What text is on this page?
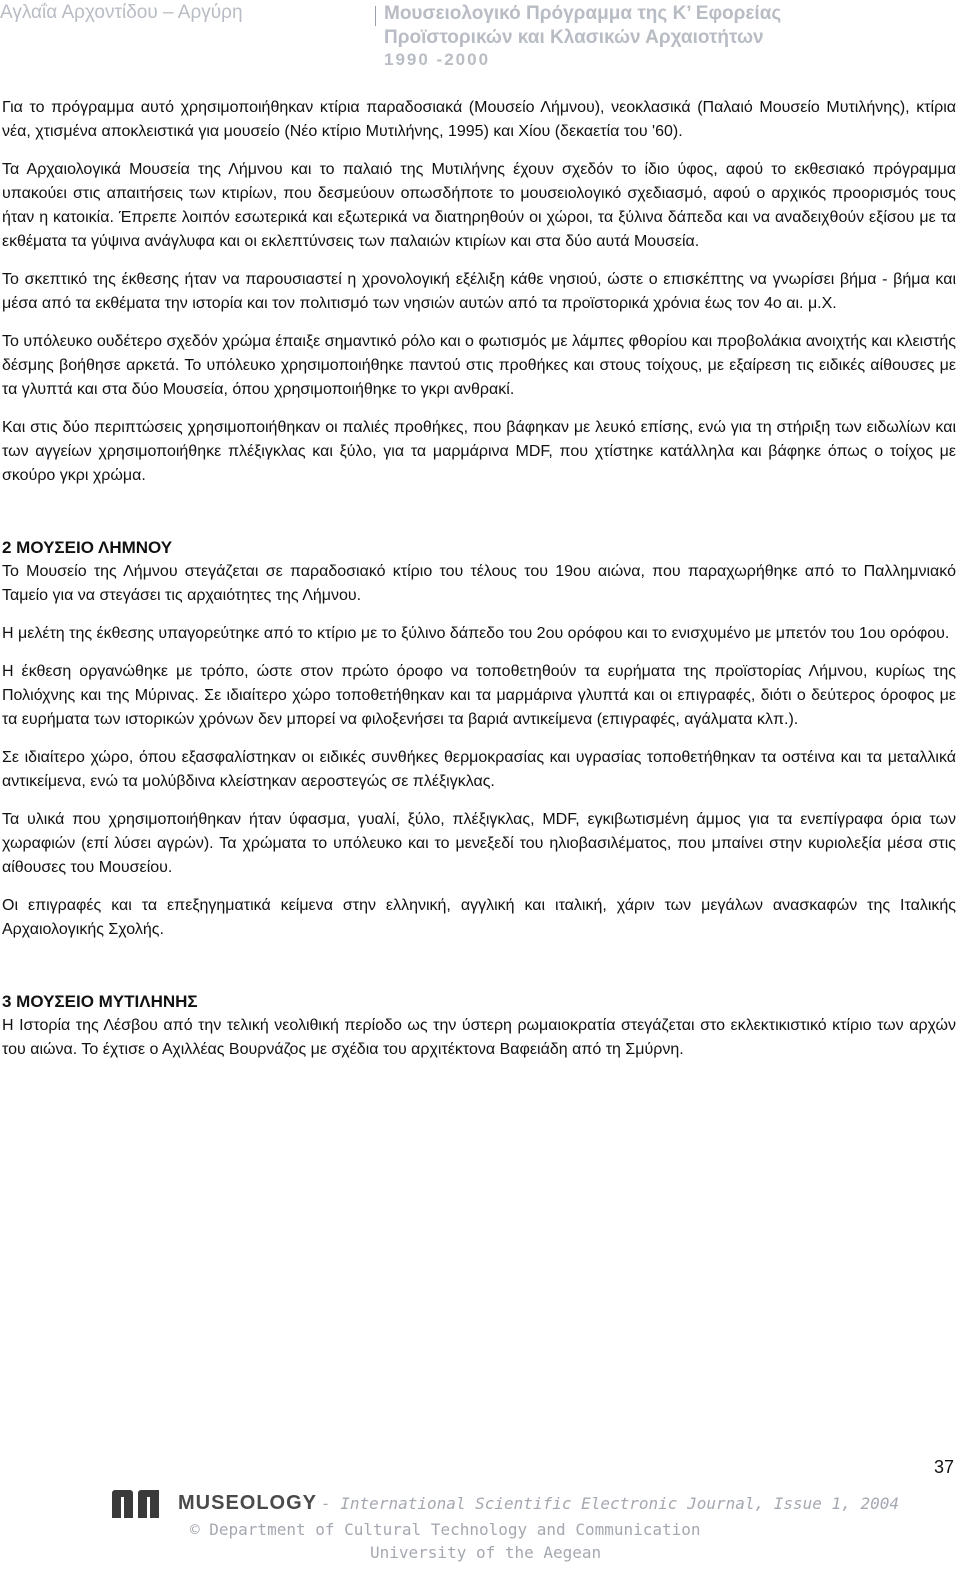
Αγλαΐα Αρχοντίδου – Αργύρη	Μουσειολογικό Πρόγραμμα της Κ’ Εφορείας
Προϊστορικών και Κλασικών Αρχαιοτήτων
1990 -2000

Για το πρόγραμμα αυτό χρησιμοποιήθηκαν κτίρια παραδοσιακά (Μουσείο Λήμνου), νεοκλασικά (Παλαιό Μουσείο Μυτιλήνης), κτίρια νέα, χτισμένα αποκλειστικά για μουσείο (Νέο κτίριο Μυτιλήνης, 1995) και Χίου (δεκαετία του '60).

Τα Αρχαιολογικά Μουσεία της Λήμνου και το παλαιό της Μυτιλήνης έχουν σχεδόν το ίδιο ύφος, αφού το εκθεσιακό πρόγραμμα υπακούει στις απαιτήσεις των κτιρίων, που δεσμεύουν οπωσδήποτε το μουσειολογικό σχεδιασμό, αφού ο αρχικός προορισμός τους ήταν η κατοικία. Έπρεπε λοιπόν εσωτερικά και εξωτερικά να διατηρηθούν οι χώροι, τα ξύλινα δάπεδα και να αναδειχθούν εξίσου με τα εκθέματα τα γύψινα ανάγλυφα και οι εκλεπτύνσεις των παλαιών κτιρίων και στα δύο αυτά Μουσεία.

Το σκεπτικό της έκθεσης ήταν να παρουσιαστεί η χρονολογική εξέλιξη κάθε νησιού, ώστε ο επισκέπτης να γνωρίσει βήμα - βήμα και μέσα από τα εκθέματα την ιστορία και τον πολιτισμό των νησιών αυτών από τα προϊστορικά χρόνια έως τον 4ο αι. μ.Χ.

Το υπόλευκο ουδέτερο σχεδόν χρώμα έπαιξε σημαντικό ρόλο και ο φωτισμός με λάμπες φθορίου και προβολάκια ανοιχτής και κλειστής δέσμης βοήθησε αρκετά. Το υπόλευκο χρησιμοποιήθηκε παντού στις προθήκες και στους τοίχους, με εξαίρεση τις ειδικές αίθουσες με τα γλυπτά και στα δύο Μουσεία, όπου χρησιμοποιήθηκε το γκρι ανθρακί.

Και στις δύο περιπτώσεις χρησιμοποιήθηκαν οι παλιές προθήκες, που βάφηκαν με λευκό επίσης, ενώ για τη στήριξη των ειδωλίων και των αγγείων χρησιμοποιήθηκε πλέξιγκλας και ξύλο, για τα μαρμάρινα MDF, που χτίστηκε κατάλληλα και βάφηκε όπως ο τοίχος με σκούρο γκρι χρώμα.

2 ΜΟΥΣΕΙΟ ΛΗΜΝΟΥ

Το Μουσείο της Λήμνου στεγάζεται σε παραδοσιακό κτίριο του τέλους του 19ου αιώνα, που παραχωρήθηκε από το Παλλημνιακό Ταμείο για να στεγάσει τις αρχαιότητες της Λήμνου.

Η μελέτη της έκθεσης υπαγορεύτηκε από το κτίριο με το ξύλινο δάπεδο του 2ου ορόφου και το ενισχυμένο με μπετόν του 1ου ορόφου.

Η έκθεση οργανώθηκε με τρόπο, ώστε στον πρώτο όροφο να τοποθετηθούν τα ευρήματα της προϊστορίας Λήμνου, κυρίως της Πολιόχνης και της Μύρινας. Σε ιδιαίτερο χώρο τοποθετήθηκαν και τα μαρμάρινα γλυπτά και οι επιγραφές, διότι ο δεύτερος όροφος με τα ευρήματα των ιστορικών χρόνων δεν μπορεί να φιλοξενήσει τα βαριά αντικείμενα (επιγραφές, αγάλματα κλπ.).

Σε ιδιαίτερο χώρο, όπου εξασφαλίστηκαν οι ειδικές συνθήκες θερμοκρασίας και υγρασίας τοποθετήθηκαν τα οστέινα και τα μεταλλικά αντικείμενα, ενώ τα μολύβδινα κλείστηκαν αεροστεγώς σε πλέξιγκλας.

Τα υλικά που χρησιμοποιήθηκαν ήταν ύφασμα, γυαλί, ξύλο, πλέξιγκλας, MDF, εγκιβωτισμένη άμμος για τα ενεπίγραφα όρια των χωραφιών (επί λύσει αγρών). Τα χρώματα το υπόλευκο και το μενεξεδί του ηλιοβασιλέματος, που μπαίνει στην κυριολεξία μέσα στις αίθουσες του Μουσείου.

Οι επιγραφές και τα επεξηγηματικά κείμενα στην ελληνική, αγγλική και ιταλική, χάριν των μεγάλων ανασκαφών της Ιταλικής Αρχαιολογικής Σχολής.

3 ΜΟΥΣΕΙΟ ΜΥΤΙΛΗΝΗΣ

Η Ιστορία της Λέσβου από την τελική νεολιθική περίοδο ως την ύστερη ρωμαιοκρατία στεγάζεται στο εκλεκτικιστικό κτίριο των αρχών του αιώνα. Το έχτισε ο Αχιλλέας Βουρνάζος με σχέδια του αρχιτέκτονα Βαφειάδη από τη Σμύρνη.

37
MUSEOLOGY - International Scientific Electronic Journal, Issue 1, 2004
© Department of Cultural Technology and Communication
University of the Aegean
